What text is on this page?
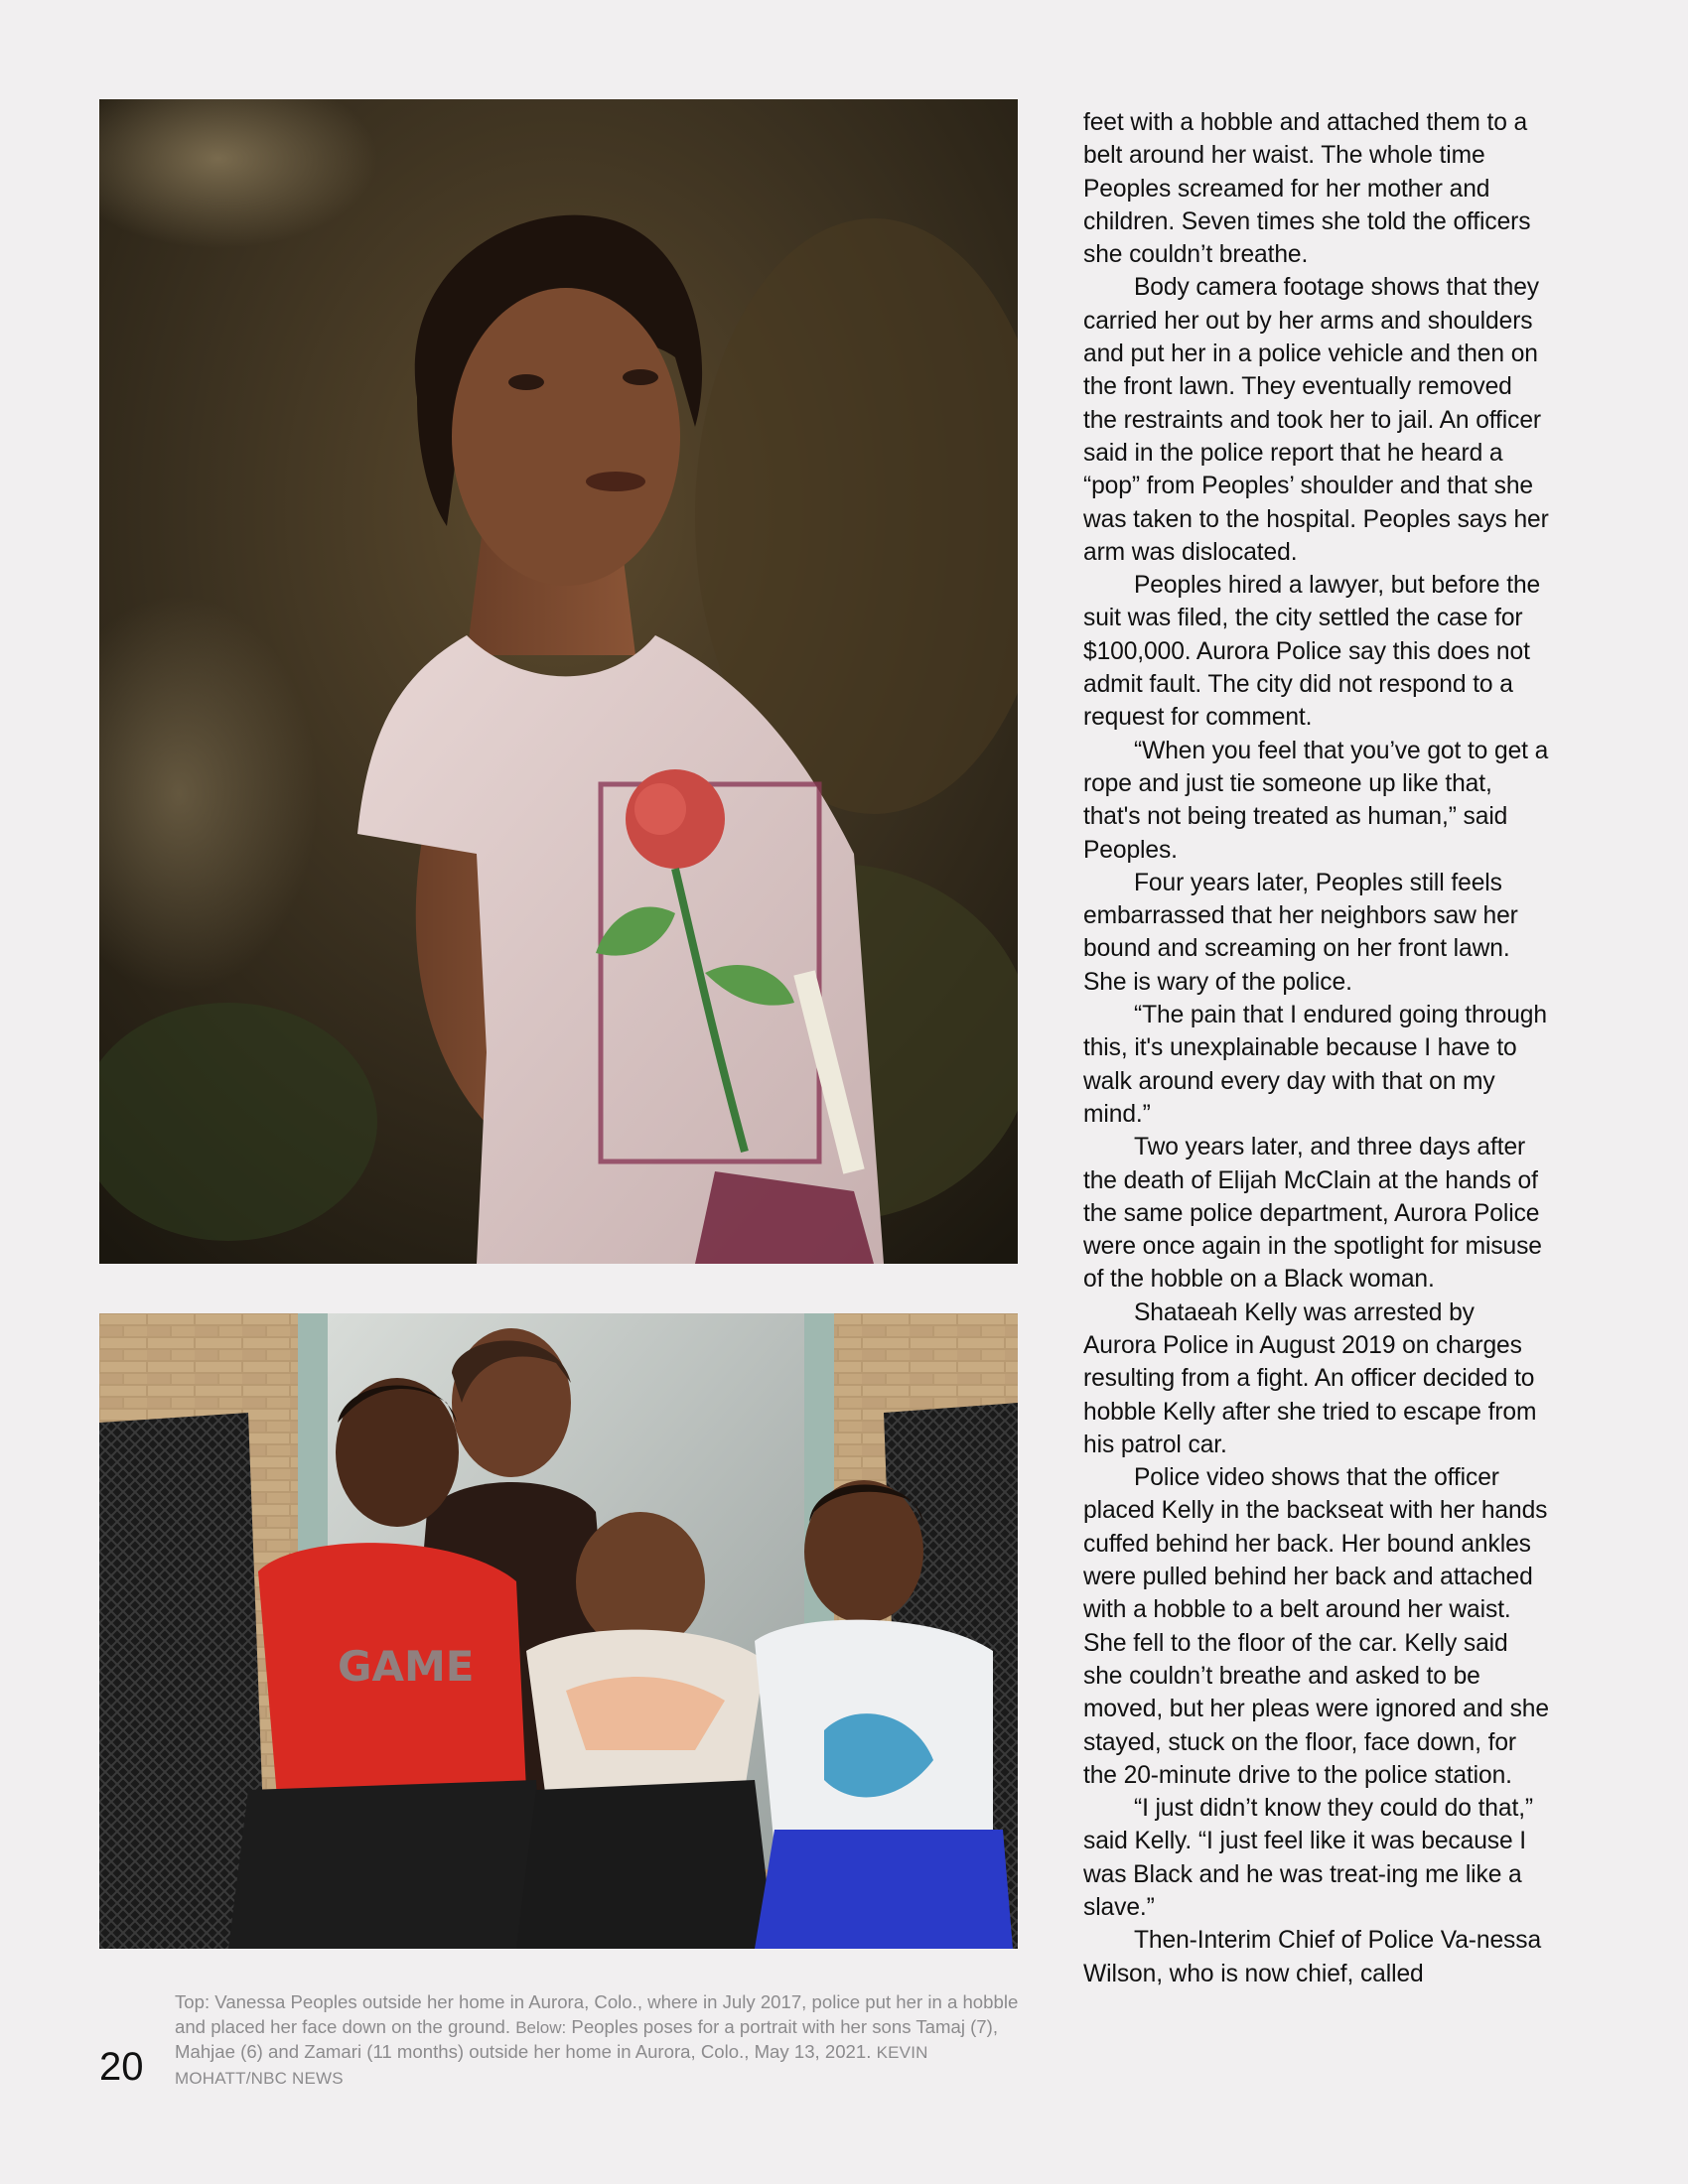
GAME

feet with a hobble and attached them to a belt around her waist. The whole time Peoples screamed for her mother and children. Seven times she told the officers she couldn’t breathe.

Body camera footage shows that they carried her out by her arms and shoulders and put her in a police vehicle and then on the front lawn. They eventually removed the restraints and took her to jail. An officer said in the police report that he heard a “pop” from Peoples’ shoulder and that she was taken to the hospital. Peoples says her arm was dislocated.

Peoples hired a lawyer, but before the suit was filed, the city settled the case for $100,000. Aurora Police say this does not admit fault. The city did not respond to a request for comment.

“When you feel that you’ve got to get a rope and just tie someone up like that, that's not being treated as human,” said Peoples.

Four years later, Peoples still feels embarrassed that her neighbors saw her bound and screaming on her front lawn. She is wary of the police.

“The pain that I endured going through this, it's unexplainable because I have to walk around every day with that on my mind.”

Two years later, and three days after the death of Elijah McClain at the hands of the same police department, Aurora Police were once again in the spotlight for misuse of the hobble on a Black woman.

Shataeah Kelly was arrested by Aurora Police in August 2019 on charges resulting from a fight. An officer decided to hobble Kelly after she tried to escape from his patrol car.

Police video shows that the officer placed Kelly in the backseat with her hands cuffed behind her back. Her bound ankles were pulled behind her back and attached with a hobble to a belt around her waist. She fell to the floor of the car. Kelly said she couldn’t breathe and asked to be moved, but her pleas were ignored and she stayed, stuck on the floor, face down, for the 20-minute drive to the police station.

“I just didn’t know they could do that,” said Kelly. “I just feel like it was because I was Black and he was treat-ing me like a slave.”

Then-Interim Chief of Police Va-nessa Wilson, who is now chief, called

Top: Vanessa Peoples outside her home in Aurora, Colo., where in July 2017, police put her in a hobble and placed her face down on the ground. Below: Peoples poses for a portrait with her sons Tamaj (7), Mahjae (6) and Zamari (11 months) outside her home in Aurora, Colo., May 13, 2021. KEVIN MOHATT/NBC NEWS
20
